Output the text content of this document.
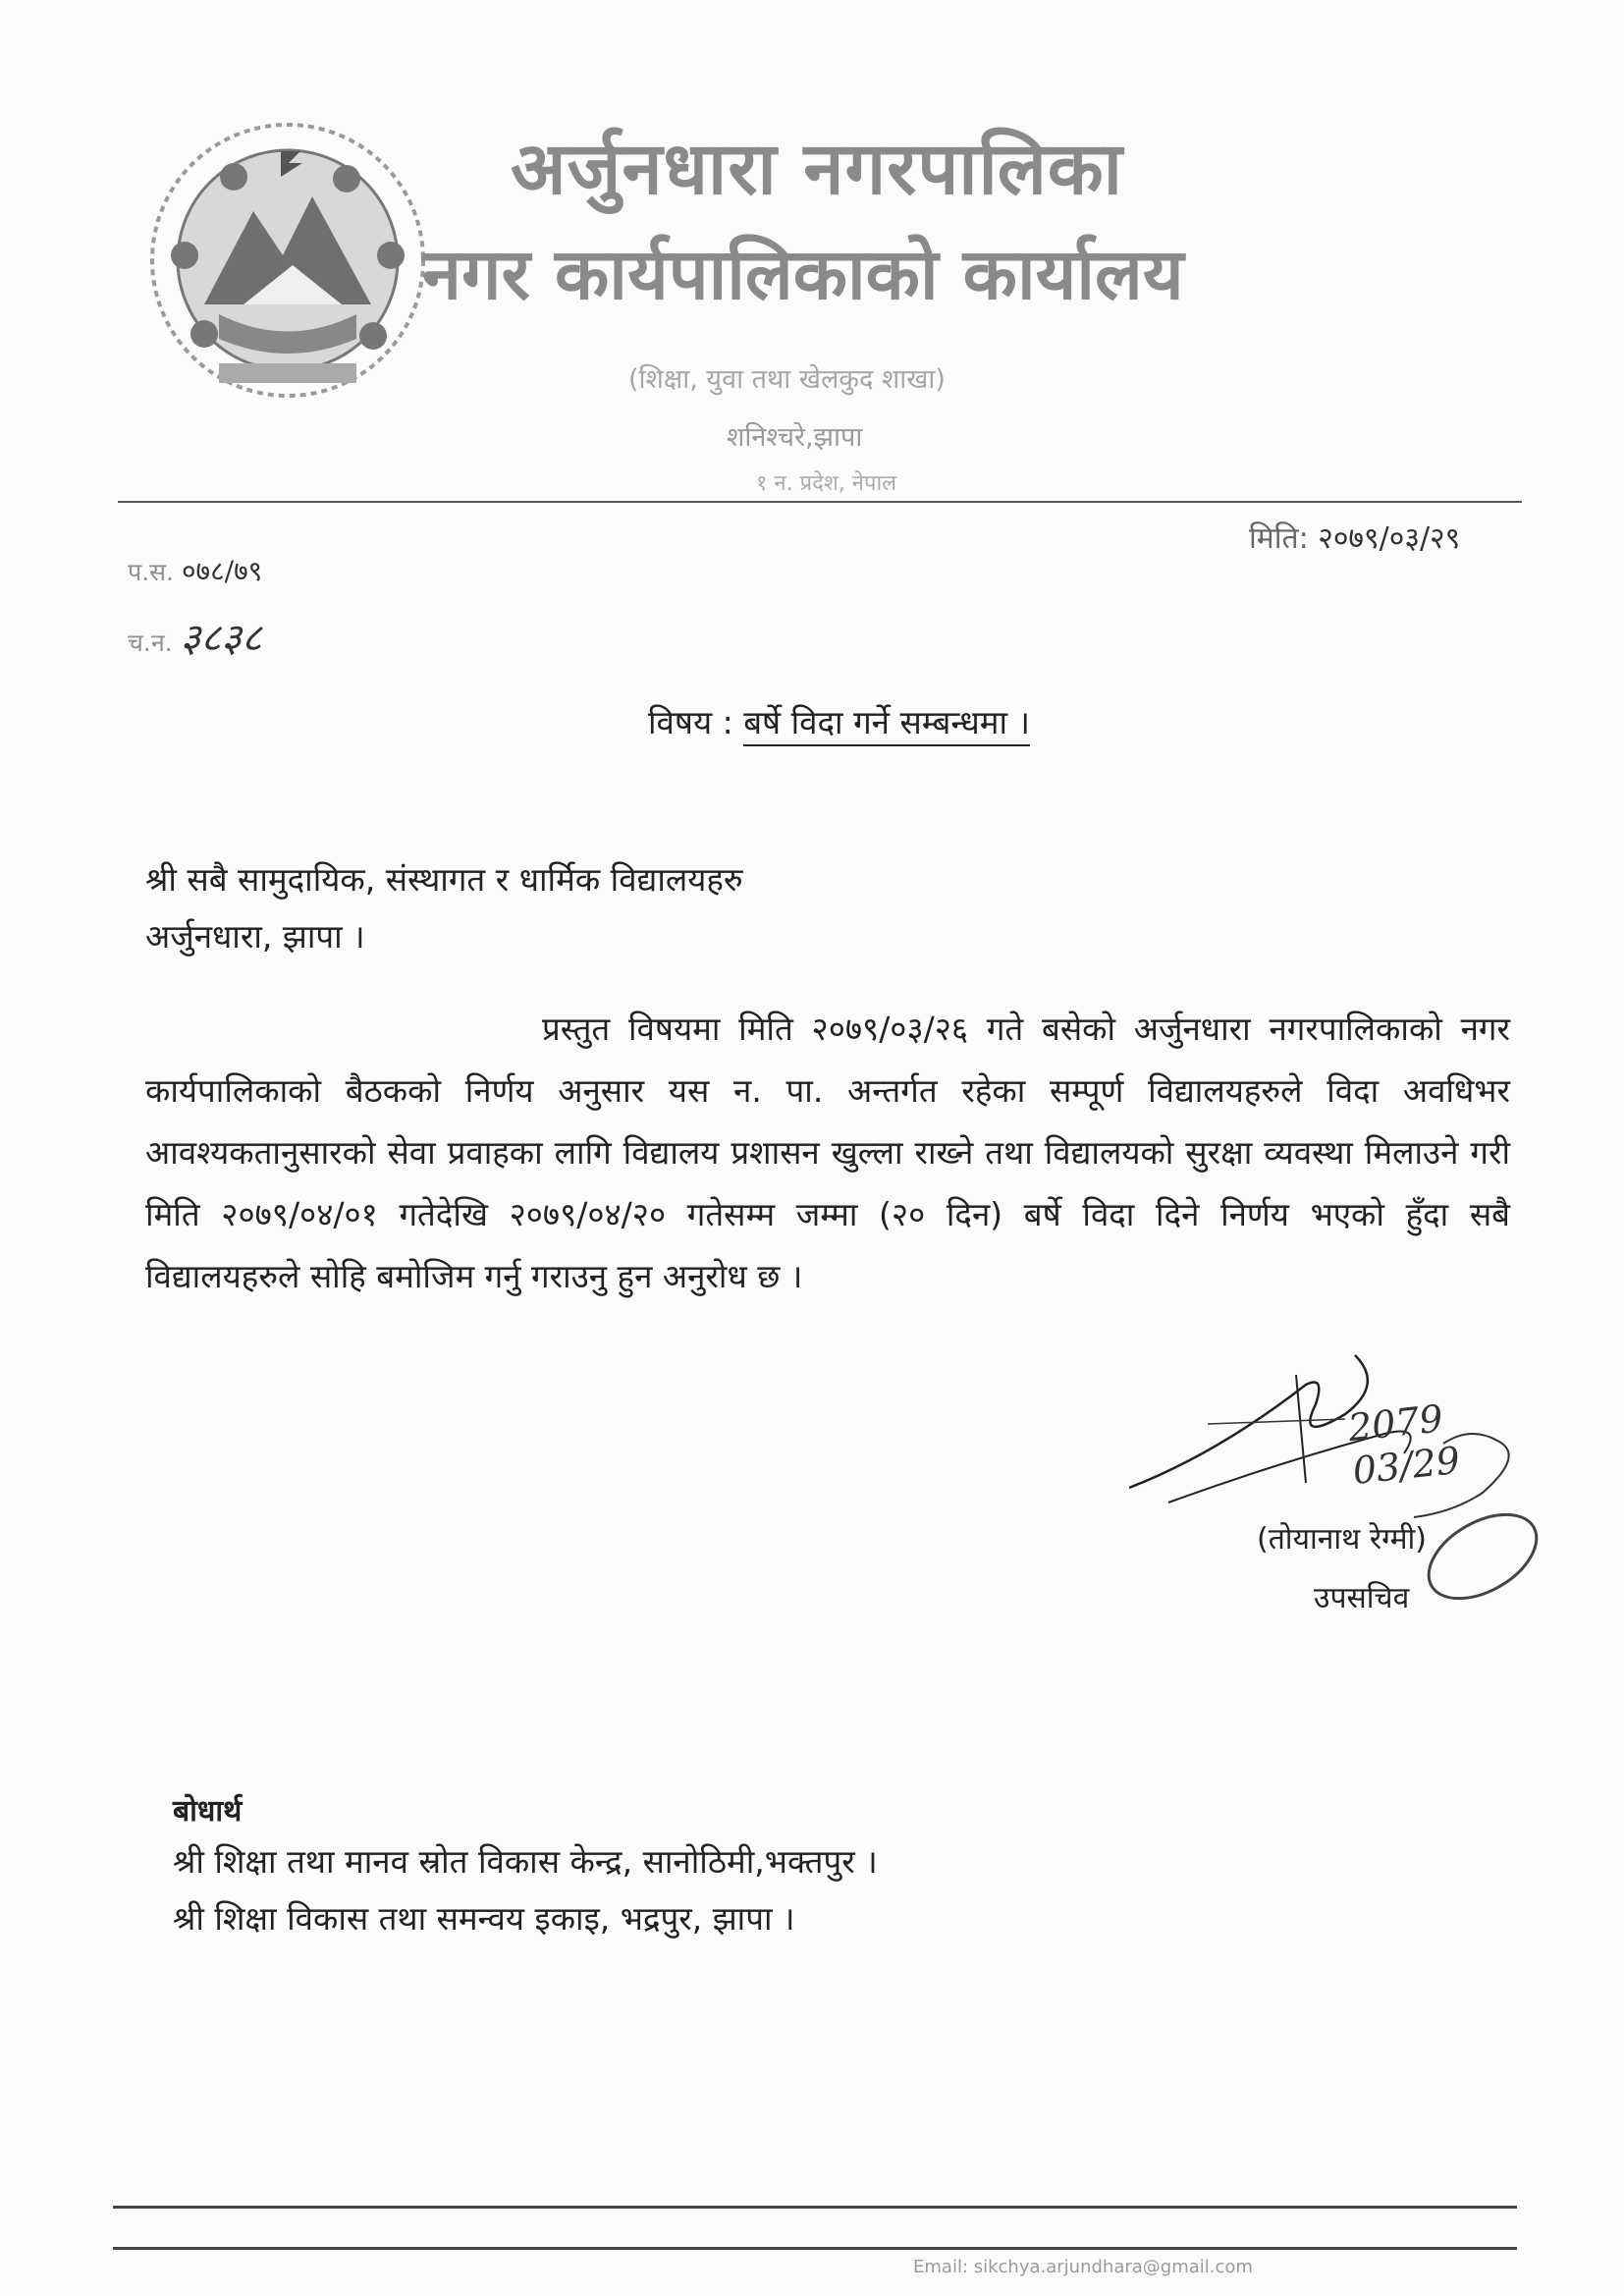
अर्जुनधारा नगरपालिका
नगर कार्यपालिकाको कार्यालय
(शिक्षा, युवा तथा खेलकुद शाखा)
शनिश्चरे,झापा
१ न. प्रदेश, नेपाल
प.स. ०७८/७९
च.न. ३८३८
मिति: २०७९/०३/२९
विषय : बर्षे विदा गर्ने सम्बन्धमा ।
श्री सबै सामुदायिक, संस्थागत र धार्मिक विद्यालयहरु
अर्जुनधारा, झापा ।
प्रस्तुत विषयमा मिति २०७९/०३/२६ गते बसेको अर्जुनधारा नगरपालिकाको नगर कार्यपालिकाको बैठकको निर्णय अनुसार यस न. पा. अन्तर्गत रहेका सम्पूर्ण विद्यालयहरुले विदा अवधिभर आवश्यकतानुसारको सेवा प्रवाहका लागि विद्यालय प्रशासन खुल्ला राख्ने तथा विद्यालयको सुरक्षा व्यवस्था मिलाउने गरी मिति २०७९/०४/०१ गतेदेखि २०७९/०४/२० गतेसम्म जम्मा (२० दिन) बर्षे विदा दिने निर्णय भएको हुँदा सबै विद्यालयहरुले सोहि बमोजिम गर्नु गराउनु हुन अनुरोध छ ।
2079 03/29
(तोयानाथ रेग्मी)
उपसचिव
बोधार्थ
श्री शिक्षा तथा मानव स्रोत विकास केन्द्र, सानोठिमी,भक्तपुर ।
श्री शिक्षा विकास तथा समन्वय इकाइ, भद्रपुर, झापा ।
Email: sikchya.arjundhara@gmail.com
